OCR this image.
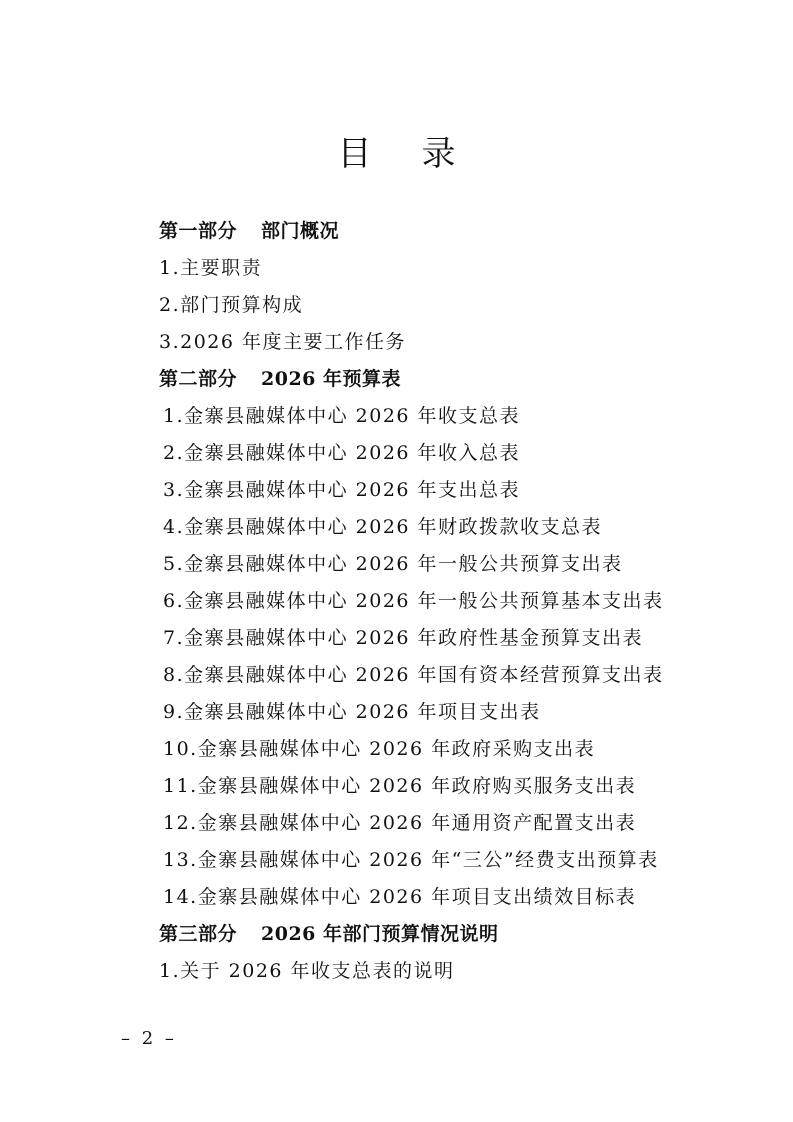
目 录
第一部分 部门概况
1.主要职责
2.部门预算构成
3.2026 年度主要工作任务
第二部分 2026 年预算表
1.金寨县融媒体中心 2026 年收支总表
2.金寨县融媒体中心 2026 年收入总表
3.金寨县融媒体中心 2026 年支出总表
4.金寨县融媒体中心 2026 年财政拨款收支总表
5.金寨县融媒体中心 2026 年一般公共预算支出表
6.金寨县融媒体中心 2026 年一般公共预算基本支出表
7.金寨县融媒体中心 2026 年政府性基金预算支出表
8.金寨县融媒体中心 2026 年国有资本经营预算支出表
9.金寨县融媒体中心 2026 年项目支出表
10.金寨县融媒体中心 2026 年政府采购支出表
11.金寨县融媒体中心 2026 年政府购买服务支出表
12.金寨县融媒体中心 2026 年通用资产配置支出表
13.金寨县融媒体中心 2026 年“三公”经费支出预算表
14.金寨县融媒体中心 2026 年项目支出绩效目标表
第三部分 2026 年部门预算情况说明
1.关于 2026 年收支总表的说明
– 2 –
